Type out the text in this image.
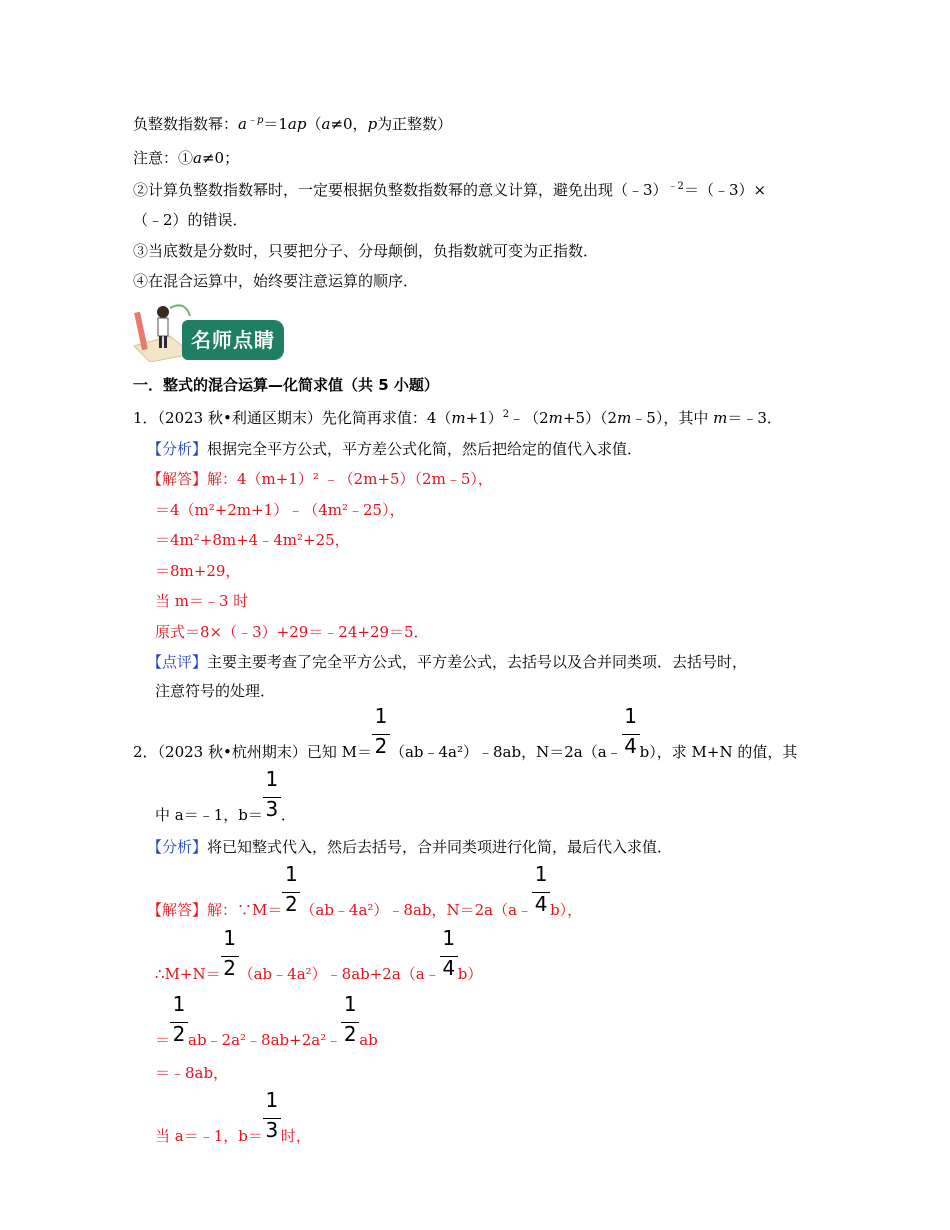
负整数指数幂：$a^{﹣p}=1ap(a\ne 0$，p为正整数）
注意：①a≠0；
②计算负整数指数幂时，一定要根据负整数指数幂的意义计算，避免出现（﹣3）$^{﹣2}$＝（﹣3）×
（﹣2）的错误．
③当底数是分数时，只要把分子、分母颠倒，负指数就可变为正指数．
④在混合运算中，始终要注意运算的顺序．
名师点睛
一．整式的混合运算—化简求值（共 5 小题）
1．（2023 秋•利通区期末）先化简再求值：$4(m+1)^2﹣(2m+5)(2m﹣5)$，其中 m＝﹣3．
【分析】根据完全平方公式，平方差公式化简，然后把给定的值代入求值．
【解答】解：4（m+1）² ﹣（2m+5）（2m﹣5），
＝4（m²+2m+1）﹣（4m²﹣25），
＝4m²+8m+4﹣4m²+25，
＝8m+29，
当 m＝﹣3 时
原式＝8×（﹣3）+29＝﹣24+29＝5．
【点评】主要主要考查了完全平方公式，平方差公式，去括号以及合并同类项．去括号时，
注意符号的处理．
2．（2023 秋•杭州期末）已知 $M= \frac{1}{2}$ （ab﹣4a²）﹣8ab，N＝2a（a﹣ $\frac{1}{4} b$），求 M+N 的值，其
中 a＝﹣1，$b= \frac{1}{3}$ ．
【分析】将已知整式代入，然后去括号，合并同类项进行化简，最后代入求值．
【解答】解：∵M＝ $\frac{1}{2}$ （ab﹣4a²）﹣8ab，N＝2a（a﹣ $\frac{1}{4} b$），
∴M+N＝ $\frac{1}{2}$ （ab﹣4a²）﹣8ab+2a（a﹣ $\frac{1}{4} b$）
＝ $\frac{1}{2}$ ab﹣2a²﹣8ab+2a²﹣ $\frac{1}{2}$ ab
＝﹣8ab，
当 a＝﹣1，$b= \frac{1}{3}$ 时，
